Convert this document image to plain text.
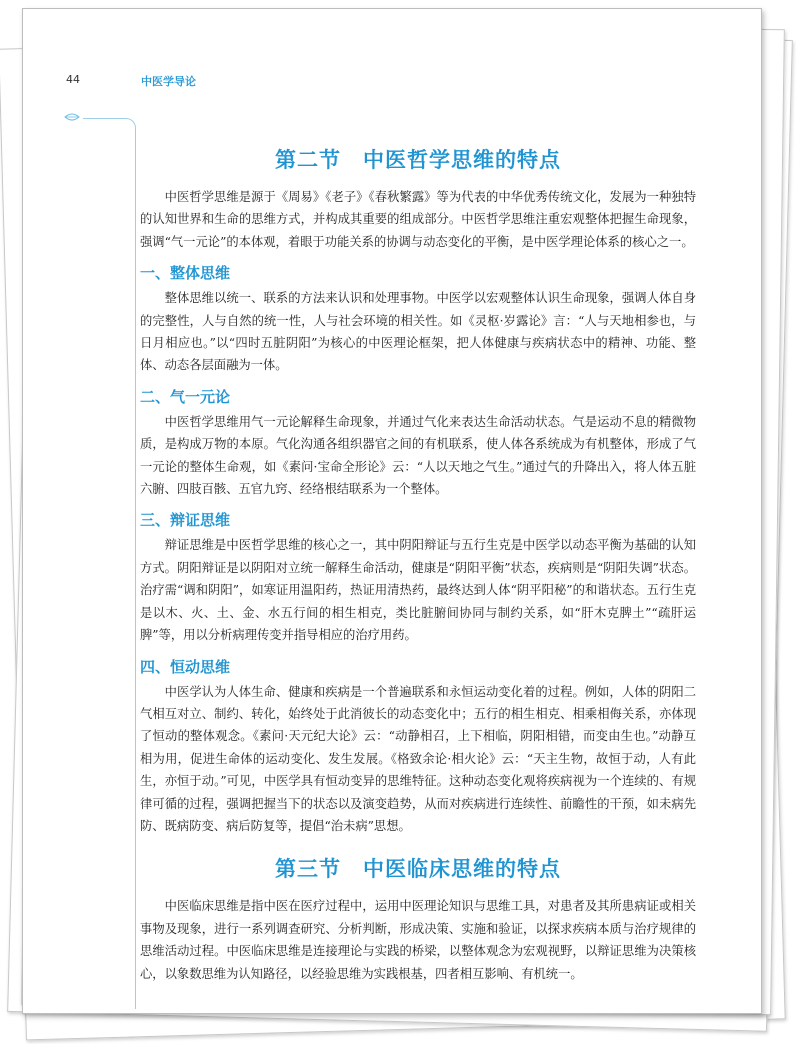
44	中医学导论
第二节 中医哲学思维的特点

中医哲学思维是源于《周易》《老子》《春秋繁露》等为代表的中华优秀传统文化，发展为一种独特的认知世界和生命的思维方式，并构成其重要的组成部分。中医哲学思维注重宏观整体把握生命现象，强调“气一元论”的本体观，着眼于功能关系的协调与动态变化的平衡，是中医学理论体系的核心之一。

一、整体思维

整体思维以统一、联系的方法来认识和处理事物。中医学以宏观整体认识生命现象，强调人体自身的完整性，人与自然的统一性，人与社会环境的相关性。如《灵枢·岁露论》言：“人与天地相参也，与日月相应也。”以“四时五脏阴阳”为核心的中医理论框架，把人体健康与疾病状态中的精神、功能、整体、动态各层面融为一体。

二、气一元论

中医哲学思维用气一元论解释生命现象，并通过气化来表达生命活动状态。气是运动不息的精微物质，是构成万物的本原。气化沟通各组织器官之间的有机联系，使人体各系统成为有机整体，形成了气一元论的整体生命观，如《素问·宝命全形论》云：“人以天地之气生。”通过气的升降出入，将人体五脏六腑、四肢百骸、五官九窍、经络根结联系为一个整体。

三、辩证思维

辩证思维是中医哲学思维的核心之一，其中阴阳辩证与五行生克是中医学以动态平衡为基础的认知方式。阴阳辩证是以阴阳对立统一解释生命活动，健康是“阴阳平衡”状态，疾病则是“阴阳失调”状态。治疗需“调和阴阳”，如寒证用温阳药，热证用清热药，最终达到人体“阴平阳秘”的和谐状态。五行生克是以木、火、土、金、水五行间的相生相克，类比脏腑间协同与制约关系，如“肝木克脾土”“疏肝运脾”等，用以分析病理传变并指导相应的治疗用药。

四、恒动思维

中医学认为人体生命、健康和疾病是一个普遍联系和永恒运动变化着的过程。例如，人体的阴阳二气相互对立、制约、转化，始终处于此消彼长的动态变化中；五行的相生相克、相乘相侮关系，亦体现了恒动的整体观念。《素问·天元纪大论》云：“动静相召，上下相临，阴阳相错，而变由生也。”动静互相为用，促进生命体的运动变化、发生发展。《格致余论·相火论》云：“天主生物，故恒于动，人有此生，亦恒于动。”可见，中医学具有恒动变异的思维特征。这种动态变化观将疾病视为一个连续的、有规律可循的过程，强调把握当下的状态以及演变趋势，从而对疾病进行连续性、前瞻性的干预，如未病先防、既病防变、病后防复等，提倡“治未病”思想。

第三节 中医临床思维的特点

中医临床思维是指中医在医疗过程中，运用中医理论知识与思维工具，对患者及其所患病证或相关事物及现象，进行一系列调查研究、分析判断，形成决策、实施和验证，以探求疾病本质与治疗规律的思维活动过程。中医临床思维是连接理论与实践的桥梁，以整体观念为宏观视野，以辩证思维为决策核心，以象数思维为认知路径，以经验思维为实践根基，四者相互影响、有机统一。
